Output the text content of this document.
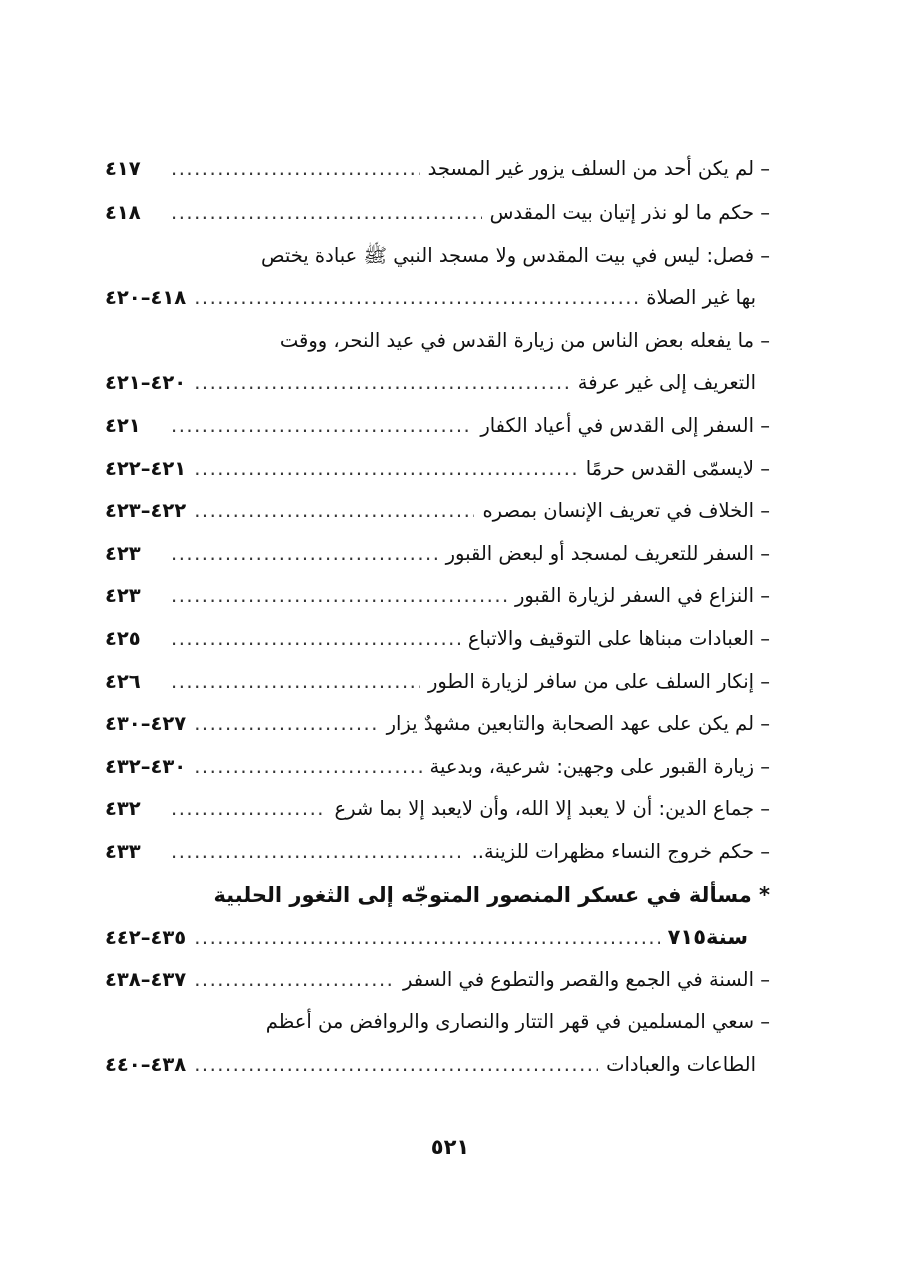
– لم يكن أحد من السلف يزور غير المسجد
.....
٤١٧
– حكم ما لو نذر إتيان بيت المقدس
.....
٤١٨
– فصل: ليس في بيت المقدس ولا مسجد النبي ﷺ عبادة يختص
بها غير الصلاة
.....
٤١٨–٤٢٠
– ما يفعله بعض الناس من زيارة القدس في عيد النحر، ووقت
التعريف إلى غير عرفة
.....
٤٢٠–٤٢١
– السفر إلى القدس في أعياد الكفار
.....
٤٢١
– لايسمّى القدس حرمًا
.....
٤٢١–٤٢٢
– الخلاف في تعريف الإنسان بمصره
.....
٤٢٢–٤٢٣
– السفر للتعريف لمسجد أو لبعض القبور
.....
٤٢٣
– النزاع في السفر لزيارة القبور
.....
٤٢٣
– العبادات مبناها على التوقيف والاتباع
.....
٤٢٥
– إنكار السلف على من سافر لزيارة الطور
.....
٤٢٦
– لم يكن على عهد الصحابة والتابعين مشهدٌ يزار
.....
٤٢٧–٤٣٠
– زيارة القبور على وجهين: شرعية، وبدعية
.....
٤٣٠–٤٣٢
– جماع الدين: أن لا يعبد إلا الله، وأن لايعبد إلا بما شرع
.....
٤٣٢
– حكم خروج النساء مظهرات للزينة..
.....
٤٣٣
* مسألة في عسكر المنصور المتوجّه إلى الثغور الحلبية
سنة٧١٥
.....
٤٣٥–٤٤٢
– السنة في الجمع والقصر والتطوع في السفر
.....
٤٣٧–٤٣٨
– سعي المسلمين في قهر التتار والنصارى والروافض من أعظم
الطاعات والعبادات
.....
٤٣٨–٤٤٠
٥٢١
